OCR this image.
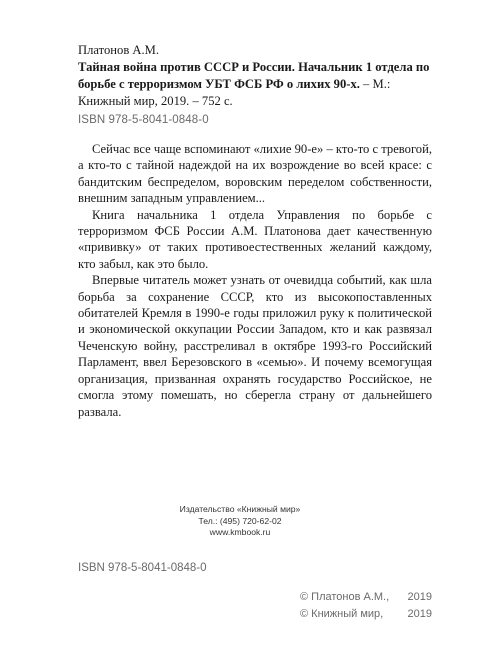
Платонов А.М.
Тайная война против СССР и России. Начальник 1 отдела по борьбе с терроризмом УБТ ФСБ РФ о лихих 90-х. – М.: Книжный мир, 2019. – 752 с.
ISBN 978-5-8041-0848-0

Сейчас все чаще вспоминают «лихие 90-е» – кто-то с тревогой, а кто-то с тайной надеждой на их возрождение во всей красе: с бандитским беспределом, воровским переделом собственности, внешним западным управлением...

Книга начальника 1 отдела Управления по борьбе с терроризмом ФСБ России А.М. Платонова дает качественную «прививку» от таких противоестественных желаний каждому, кто забыл, как это было.

Впервые читатель может узнать от очевидца событий, как шла борьба за сохранение СССР, кто из высокопоставленных обитателей Кремля в 1990-е годы приложил руку к политической и экономической оккупации России Западом, кто и как развязал Чеченскую войну, расстреливал в октябре 1993-го Российский Парламент, ввел Березовского в «семью». И почему всемогущая организация, призванная охранять государство Российское, не смогла этому помешать, но сберегла страну от дальнейшего развала.

Издательство «Книжный мир»
Тел.: (495) 720-62-02
www.kmbook.ru
ISBN 978-5-8041-0848-0
© Платонов А.М., 2019
© Книжный мир, 2019
